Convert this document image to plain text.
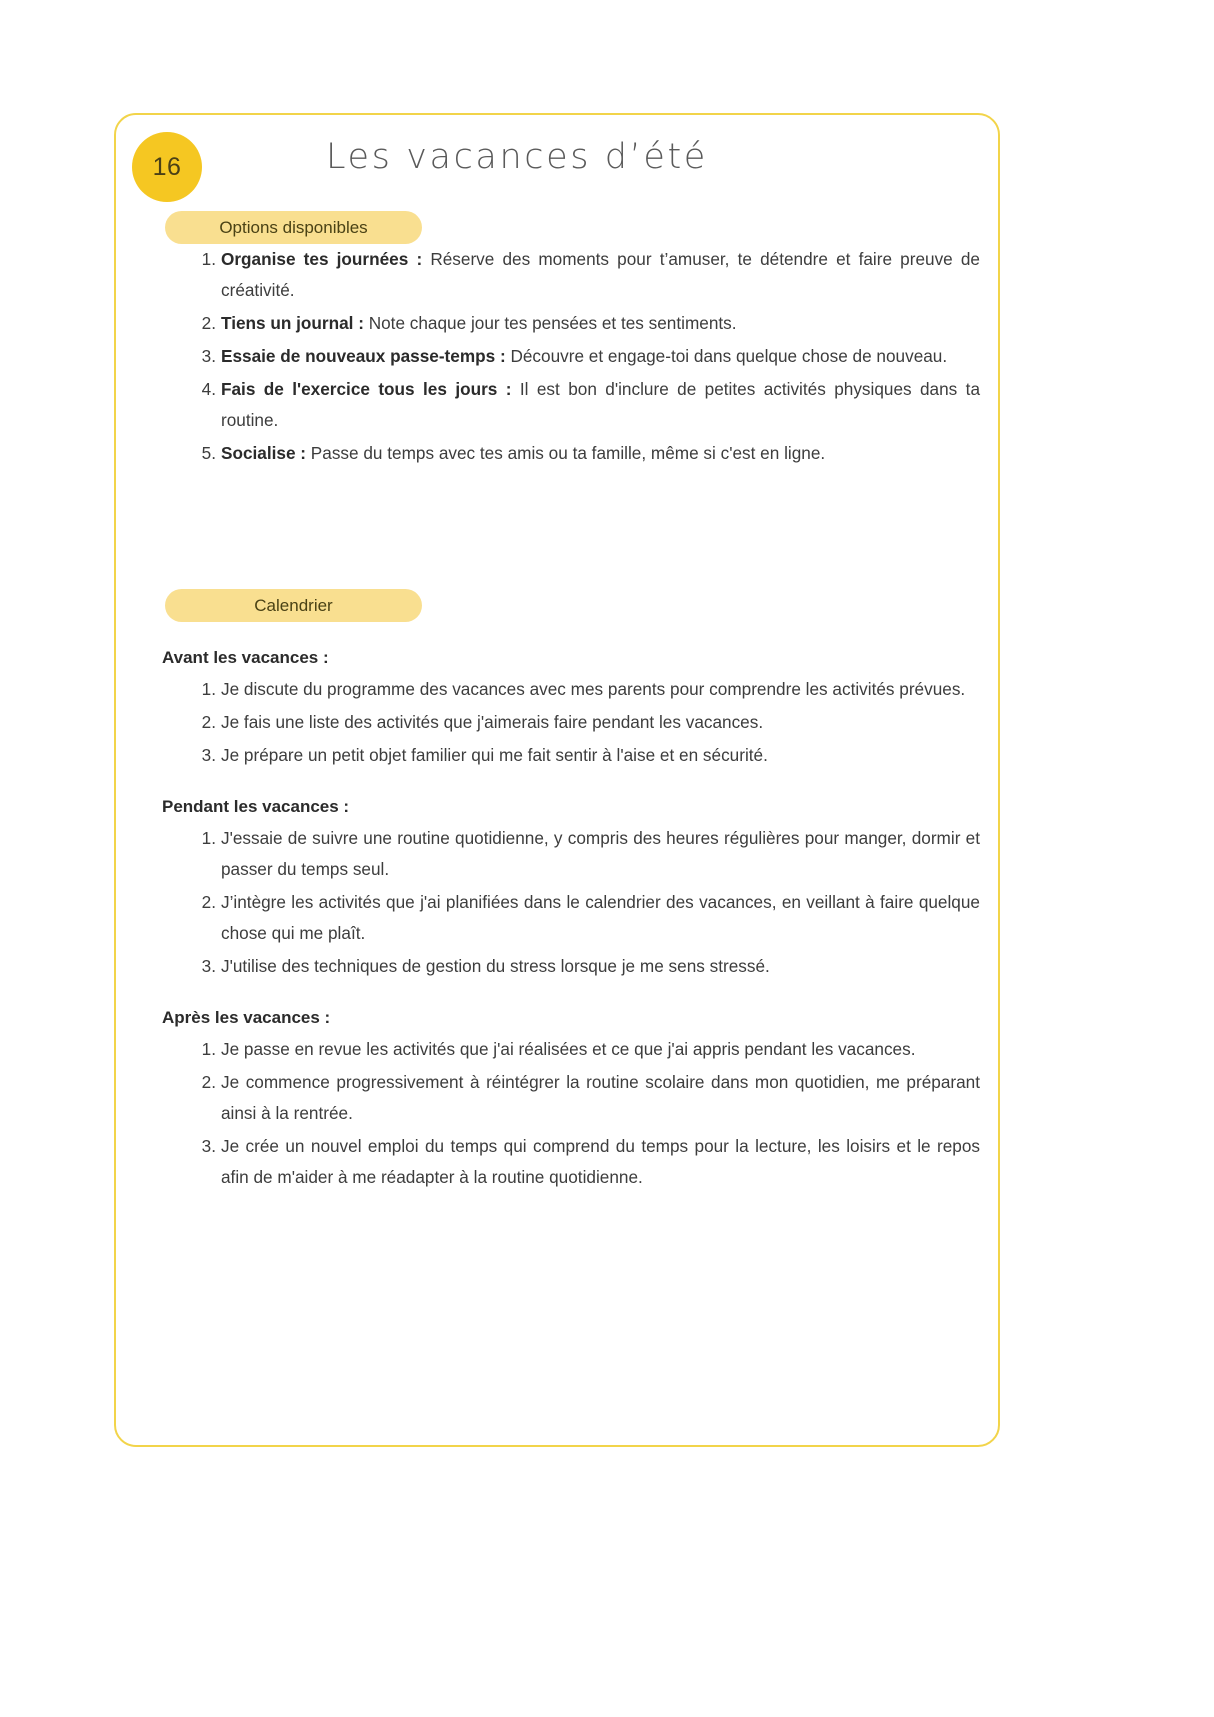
16	Les vacances d’été
Options disponibles
Organise tes journées : Réserve des moments pour t’amuser, te détendre et faire preuve de créativité.
Tiens un journal : Note chaque jour tes pensées et tes sentiments.
Essaie de nouveaux passe-temps : Découvre et engage-toi dans quelque chose de nouveau.
Fais de l'exercice tous les jours : Il est bon d'inclure de petites activités physiques dans ta routine.
Socialise : Passe du temps avec tes amis ou ta famille, même si c'est en ligne.
Calendrier
Avant les vacances :
Je discute du programme des vacances avec mes parents pour comprendre les activités prévues.
Je fais une liste des activités que j'aimerais faire pendant les vacances.
Je prépare un petit objet familier qui me fait sentir à l'aise et en sécurité.
Pendant les vacances :
J'essaie de suivre une routine quotidienne, y compris des heures régulières pour manger, dormir et passer du temps seul.
J’intègre les activités que j'ai planifiées dans le calendrier des vacances, en veillant à faire quelque chose qui me plaît.
J'utilise des techniques de gestion du stress lorsque je me sens stressé.
Après les vacances :
Je passe en revue les activités que j'ai réalisées et ce que j'ai appris pendant les vacances.
Je commence progressivement à réintégrer la routine scolaire dans mon quotidien, me préparant ainsi à la rentrée.
Je crée un nouvel emploi du temps qui comprend du temps pour la lecture, les loisirs et le repos afin de m'aider à me réadapter à la routine quotidienne.
